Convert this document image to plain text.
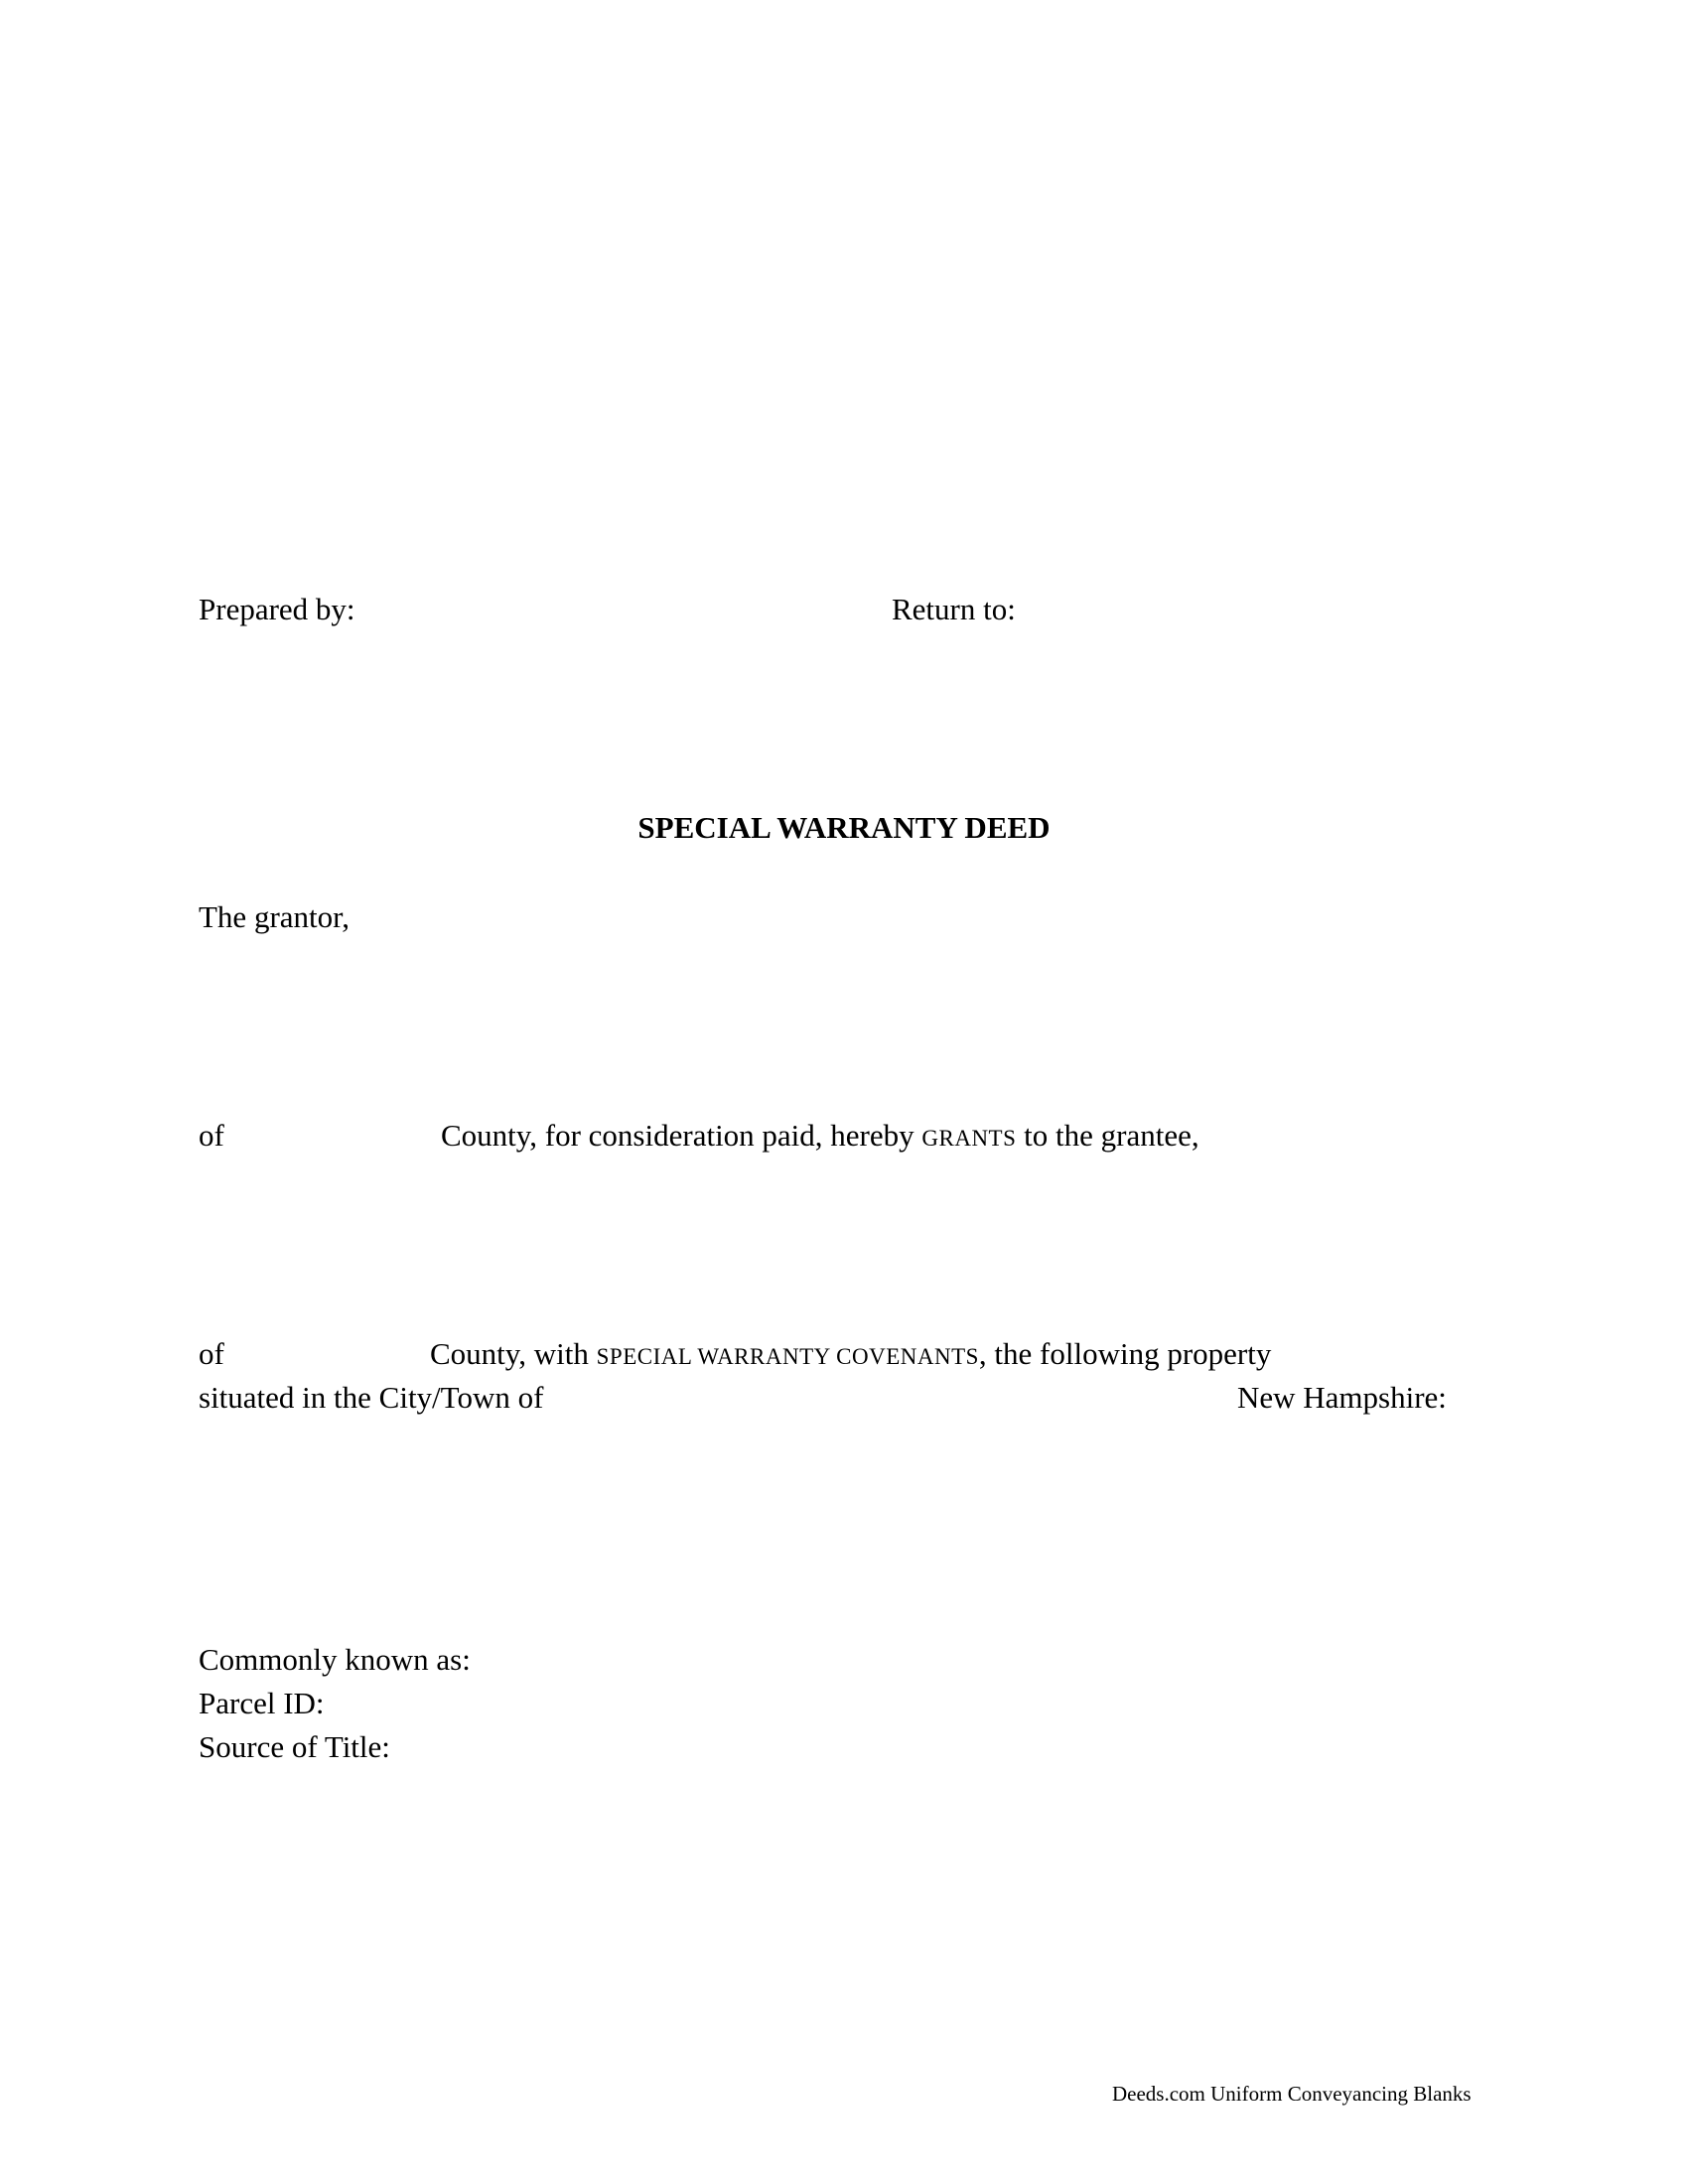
Prepared by:	Return to:
SPECIAL WARRANTY DEED
The grantor,
of	County, for consideration paid, hereby GRANTS to the grantee,
of	County, with SPECIAL WARRANTY COVENANTS, the following property
situated in the City/Town of	New Hampshire:
Commonly known as:
Parcel ID:
Source of Title:
Deeds.com Uniform Conveyancing Blanks
